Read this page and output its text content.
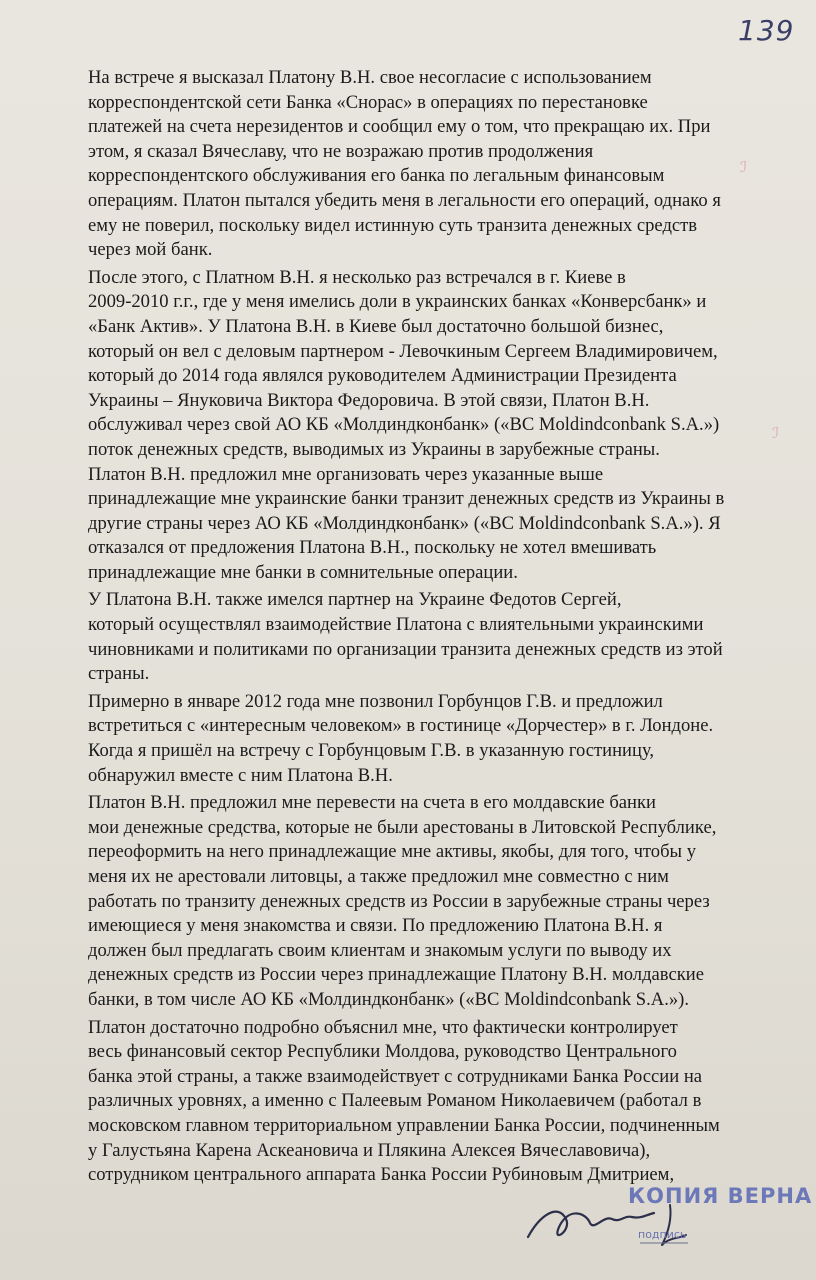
139

На встрече я высказал Платону В.Н. свое несогласие с использованием
корреспондентской сети Банка «Снорас» в операциях по перестановке
платежей на счета нерезидентов и сообщил ему о том, что прекращаю их. При
этом, я сказал Вячеславу, что не возражаю против продолжения
корреспондентского обслуживания его банка по легальным финансовым
операциям. Платон пытался убедить меня в легальности его операций, однако я
ему не поверил, поскольку видел истинную суть транзита денежных средств
через мой банк.

После этого, с Платном В.Н. я несколько раз встречался в г. Киеве в
2009-2010 г.г., где у меня имелись доли в украинских банках «Конверсбанк» и
«Банк Актив». У Платона В.Н. в Киеве был достаточно большой бизнес,
который он вел с деловым партнером - Левочкиным Сергеем Владимировичем,
который до 2014 года являлся руководителем Администрации Президента
Украины – Януковича Виктора Федоровича. В этой связи, Платон В.Н.
обслуживал через свой АО КБ «Молдиндконбанк» («BC Moldindconbank S.A.»)
поток денежных средств, выводимых из Украины в зарубежные страны.
Платон В.Н. предложил мне организовать через указанные выше
принадлежащие мне украинские банки транзит денежных средств из Украины в
другие страны через АО КБ «Молдиндконбанк» («BC Moldindconbank S.A.»). Я
отказался от предложения Платона В.Н., поскольку не хотел вмешивать
принадлежащие мне банки в сомнительные операции.

У Платона В.Н. также имелся партнер на Украине Федотов Сергей,
который осуществлял взаимодействие Платона с влиятельными украинскими
чиновниками и политиками по организации транзита денежных средств из этой
страны.

Примерно в январе 2012 года мне позвонил Горбунцов Г.В. и предложил
встретиться с «интересным человеком» в гостинице «Дорчестер» в г. Лондоне.
Когда я пришёл на встречу с Горбунцовым Г.В. в указанную гостиницу,
обнаружил вместе с ним Платона В.Н.

Платон В.Н. предложил мне перевести на счета в его молдавские банки
мои денежные средства, которые не были арестованы в Литовской Республике,
переоформить на него принадлежащие мне активы, якобы, для того, чтобы у
меня их не арестовали литовцы, а также предложил мне совместно с ним
работать по транзиту денежных средств из России в зарубежные страны через
имеющиеся у меня знакомства и связи. По предложению Платона В.Н. я
должен был предлагать своим клиентам и знакомым услуги по выводу их
денежных средств из России через принадлежащие Платону В.Н. молдавские
банки, в том числе АО КБ «Молдиндконбанк» («BC Moldindconbank S.A.»).

Платон достаточно подробно объяснил мне, что фактически контролирует
весь финансовый сектор Республики Молдова, руководство Центрального
банка этой страны, а также взаимодействует с сотрудниками Банка России на
различных уровнях, а именно с Палеевым Романом Николаевичем (работал в
московском главном территориальном управлении Банка России, подчиненным
у Галустьяна Карена Аскеановича и Плякина Алексея Вячеславовича),
сотрудником центрального аппарата Банка России Рубиновым Дмитрием,

ℐ
ℐ
КОПИЯ ВЕРНА
подпись
